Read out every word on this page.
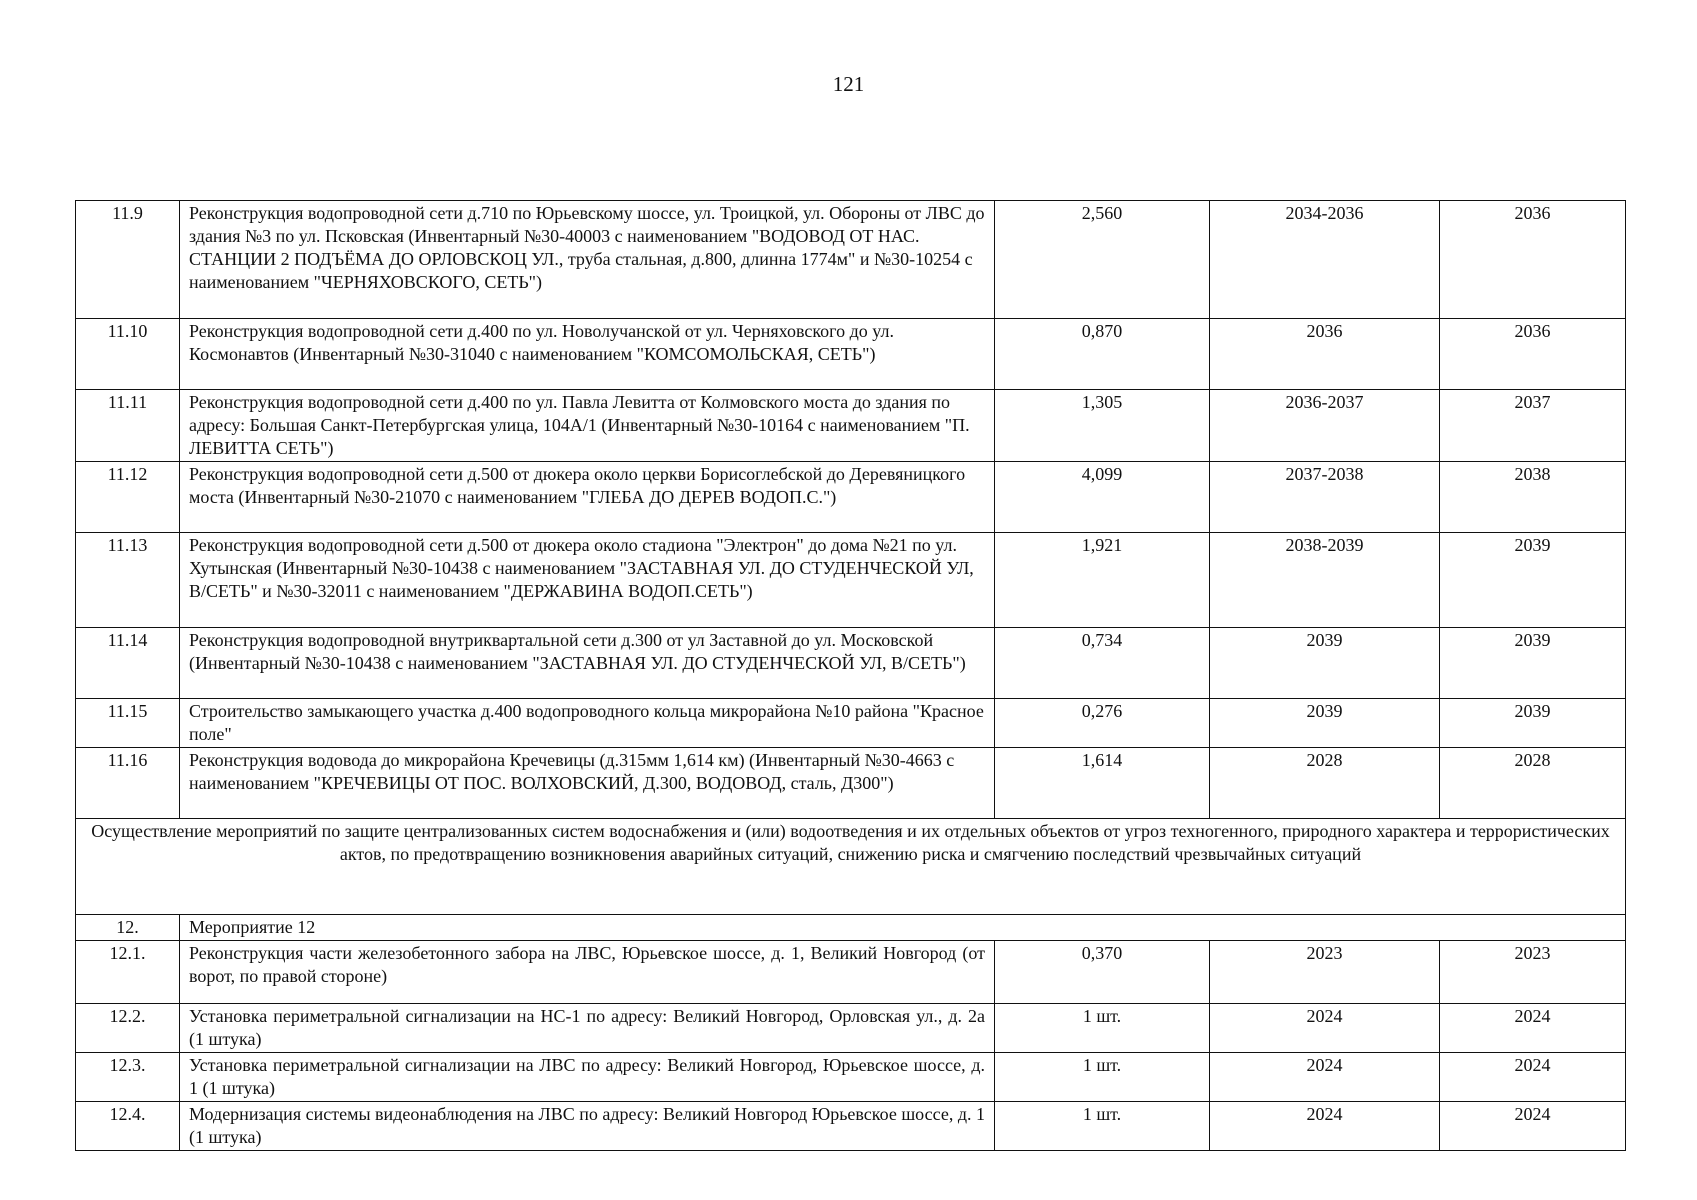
121
11.9	Реконструкция водопроводной сети д.710 по Юрьевскому шоссе, ул. Троицкой, ул. Обороны от ЛВС до здания №3 по ул. Псковская (Инвентарный №30-40003 с наименованием "ВОДОВОД ОТ НАС. СТАНЦИИ 2 ПОДЪЁМА ДО ОРЛОВСКОЦ УЛ., труба стальная, д.800, длинна 1774м" и №30-10254 с наименованием "ЧЕРНЯХОВСКОГО, СЕТЬ")	2,560	2034-2036	2036
11.10	Реконструкция водопроводной сети д.400 по ул. Новолучанской от ул. Черняховского до ул. Космонавтов (Инвентарный №30-31040 с наименованием "КОМСОМОЛЬСКАЯ, СЕТЬ")	0,870	2036	2036
11.11	Реконструкция водопроводной сети д.400 по ул. Павла Левитта от Колмовского моста до здания по адресу: Большая Санкт-Петербургская улица, 104А/1 (Инвентарный №30-10164 с наименованием "П. ЛЕВИТТА СЕТЬ")	1,305	2036-2037	2037
11.12	Реконструкция водопроводной сети д.500 от дюкера около церкви Борисоглебской до Деревяницкого моста (Инвентарный №30-21070 с наименованием "ГЛЕБА ДО ДЕРЕВ ВОДОП.С.")	4,099	2037-2038	2038
11.13	Реконструкция водопроводной сети д.500 от дюкера около стадиона "Электрон" до дома №21 по ул. Хутынская (Инвентарный №30-10438 с наименованием "ЗАСТАВНАЯ УЛ. ДО СТУДЕНЧЕСКОЙ УЛ, В/СЕТЬ" и №30-32011 с наименованием "ДЕРЖАВИНА ВОДОП.СЕТЬ")	1,921	2038-2039	2039
11.14	Реконструкция водопроводной внутриквартальной сети д.300 от ул Заставной до ул. Московской (Инвентарный №30-10438 с наименованием "ЗАСТАВНАЯ УЛ. ДО СТУДЕНЧЕСКОЙ УЛ, В/СЕТЬ")	0,734	2039	2039
11.15	Строительство замыкающего участка д.400 водопроводного кольца микрорайона №10 района "Красное поле"	0,276	2039	2039
11.16	Реконструкция водовода до микрорайона Кречевицы (д.315мм 1,614 км) (Инвентарный №30-4663 с наименованием "КРЕЧЕВИЦЫ ОТ ПОС. ВОЛХОВСКИЙ, Д.300, ВОДОВОД, сталь, Д300")	1,614	2028	2028
Осуществление мероприятий по защите централизованных систем водоснабжения и (или) водоотведения и их отдельных объектов от угроз техногенного, природного характера и террористических актов, по предотвращению возникновения аварийных ситуаций, снижению риска и смягчению последствий чрезвычайных ситуаций				
12.	Мероприятие 12			
12.1.	Реконструкция части железобетонного забора на ЛВС, Юрьевское шоссе, д. 1, Великий Новгород (от ворот, по правой стороне)	0,370	2023	2023
12.2.	Установка периметральной сигнализации на НС-1 по адресу: Великий Новгород, Орловская ул., д. 2а (1 штука)	1 шт.	2024	2024
12.3.	Установка периметральной сигнализации на ЛВС по адресу: Великий Новгород, Юрьевское шоссе, д. 1 (1 штука)	1 шт.	2024	2024
12.4.	Модернизация системы видеонаблюдения на ЛВС по адресу: Великий Новгород Юрьевское шоссе, д. 1 (1 штука)	1 шт.	2024	2024
